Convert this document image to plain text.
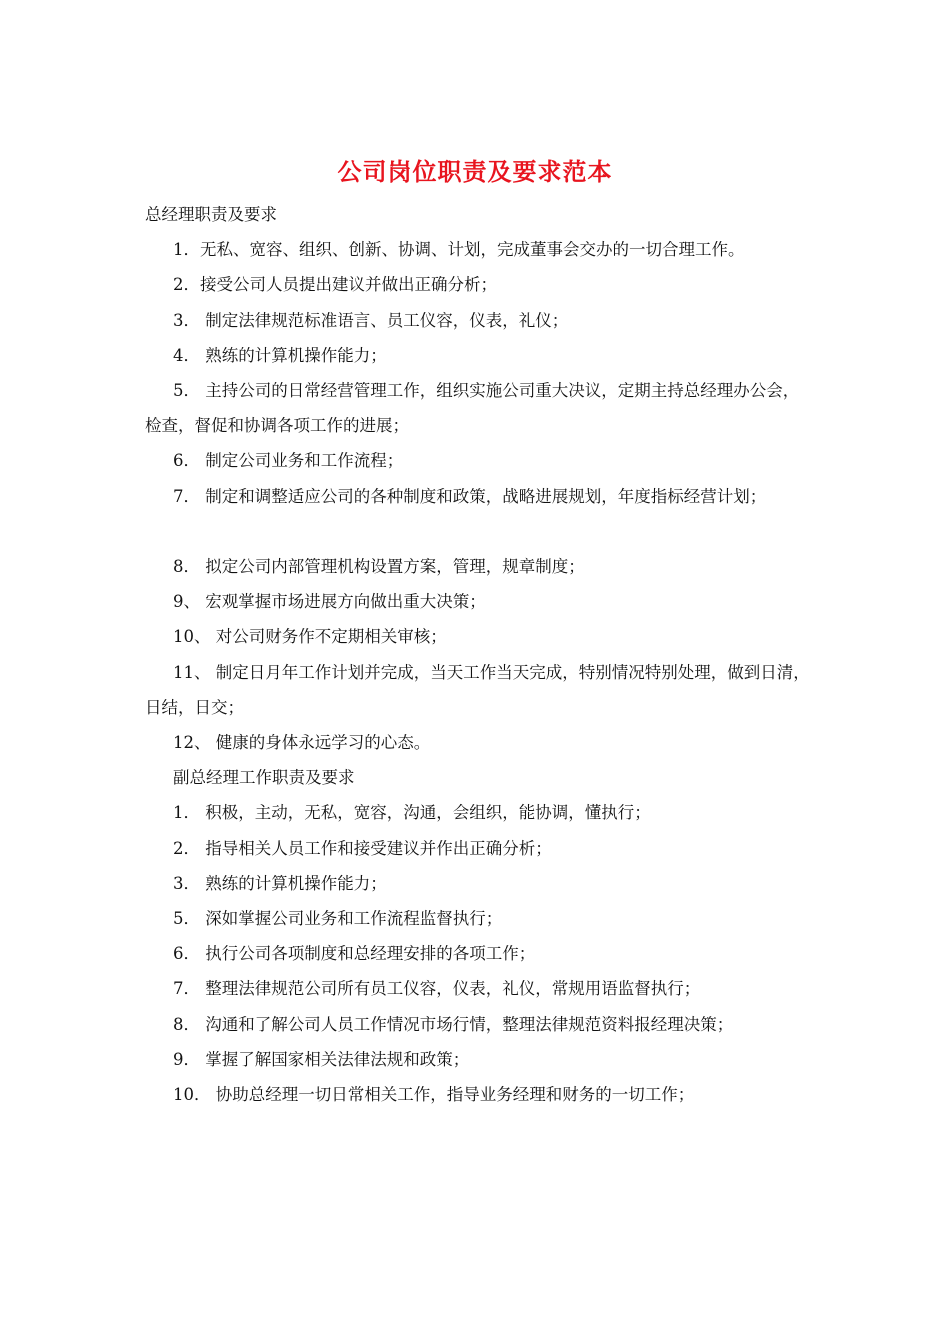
公司岗位职责及要求范本

总经理职责及要求

1．无私、宽容、组织、创新、协调、计划，完成董事会交办的一切合理工作。

2．接受公司人员提出建议并做出正确分析；

3． 制定法律规范标准语言、员工仪容，仪表，礼仪；

4． 熟练的计算机操作能力；

5． 主持公司的日常经营管理工作，组织实施公司重大决议，定期主持总经理办公会，检查，督促和协调各项工作的进展；

6． 制定公司业务和工作流程；

7． 制定和调整适应公司的各种制度和政策，战略进展规划，年度指标经营计划；

8． 拟定公司内部管理机构设置方案，管理，规章制度；

9、 宏观掌握市场进展方向做出重大决策；

10、 对公司财务作不定期相关审核；

11、 制定日月年工作计划并完成，当天工作当天完成，特别情况特别处理，做到日清，日结，日交；

12、 健康的身体永远学习的心态。

副总经理工作职责及要求

1． 积极，主动，无私，宽容，沟通，会组织，能协调，懂执行；

2． 指导相关人员工作和接受建议并作出正确分析；

3． 熟练的计算机操作能力；

5． 深如掌握公司业务和工作流程监督执行；

6． 执行公司各项制度和总经理安排的各项工作；

7． 整理法律规范公司所有员工仪容，仪表，礼仪，常规用语监督执行；

8． 沟通和了解公司人员工作情况市场行情，整理法律规范资料报经理决策；

9． 掌握了解国家相关法律法规和政策；

10． 协助总经理一切日常相关工作，指导业务经理和财务的一切工作；
